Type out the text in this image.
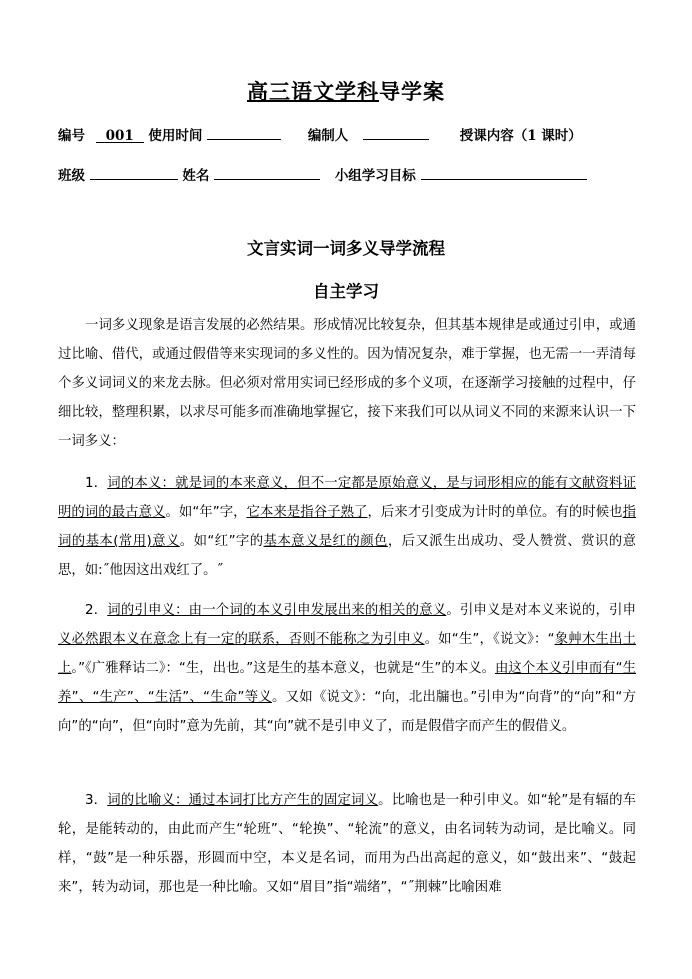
高三语文学科导学案
编号 001 使用时间	编制人	授课内容（1 课时）
班级	姓名	小组学习目标
文言实词一词多义导学流程
自主学习
一词多义现象是语言发展的必然结果。形成情况比较复杂，但其基本规律是或通过引申，或通过比喻、借代，或通过假借等来实现词的多义性的。因为情况复杂，难于掌握，也无需一一弄清每个多义词词义的来龙去脉。但必须对常用实词已经形成的多个义项，在逐渐学习接触的过程中，仔细比较，整理积累，以求尽可能多而准确地掌握它，接下来我们可以从词义不同的来源来认识一下一词多义：
1．词的本义：就是词的本来意义，但不一定都是原始意义，是与词形相应的能有文献资料证明的词的最古意义。如“年”字，它本来是指谷子熟了，后来才引变成为计时的单位。有的时候也指词的基本(常用)意义。如“红”字的基本意义是红的颜色，后又派生出成功、受人赞赏、赏识的意思，如:˝他因这出戏红了。˝
2．词的引申义：由一个词的本义引申发展出来的相关的意义。引申义是对本义来说的，引申义必然跟本义在意念上有一定的联系，否则不能称之为引申义。如“生”，《说文》：“象艸木生出土上。”《广雅释诂二》：“生，出也。”这是生的基本意义，也就是“生”的本义。由这个本义引申而有“生养”、“生产”、“生活”、“生命”等义。又如《说文》：“向，北出牖也。”引申为“向背”的“向”和“方向”的“向”，但“向时”意为先前，其“向”就不是引申义了，而是假借字而产生的假借义。
3．词的比喻义：通过本词打比方产生的固定词义。比喻也是一种引申义。如“轮”是有辐的车轮，是能转动的，由此而产生“轮班”、“轮换”、“轮流”的意义，由名词转为动词，是比喻义。同样，“鼓”是一种乐器，形圆而中空，本义是名词，而用为凸出高起的意义，如“鼓出来”、“鼓起来”，转为动词，那也是一种比喻。又如“眉目”指“端绪”，“˝荆棘”比喻困难
